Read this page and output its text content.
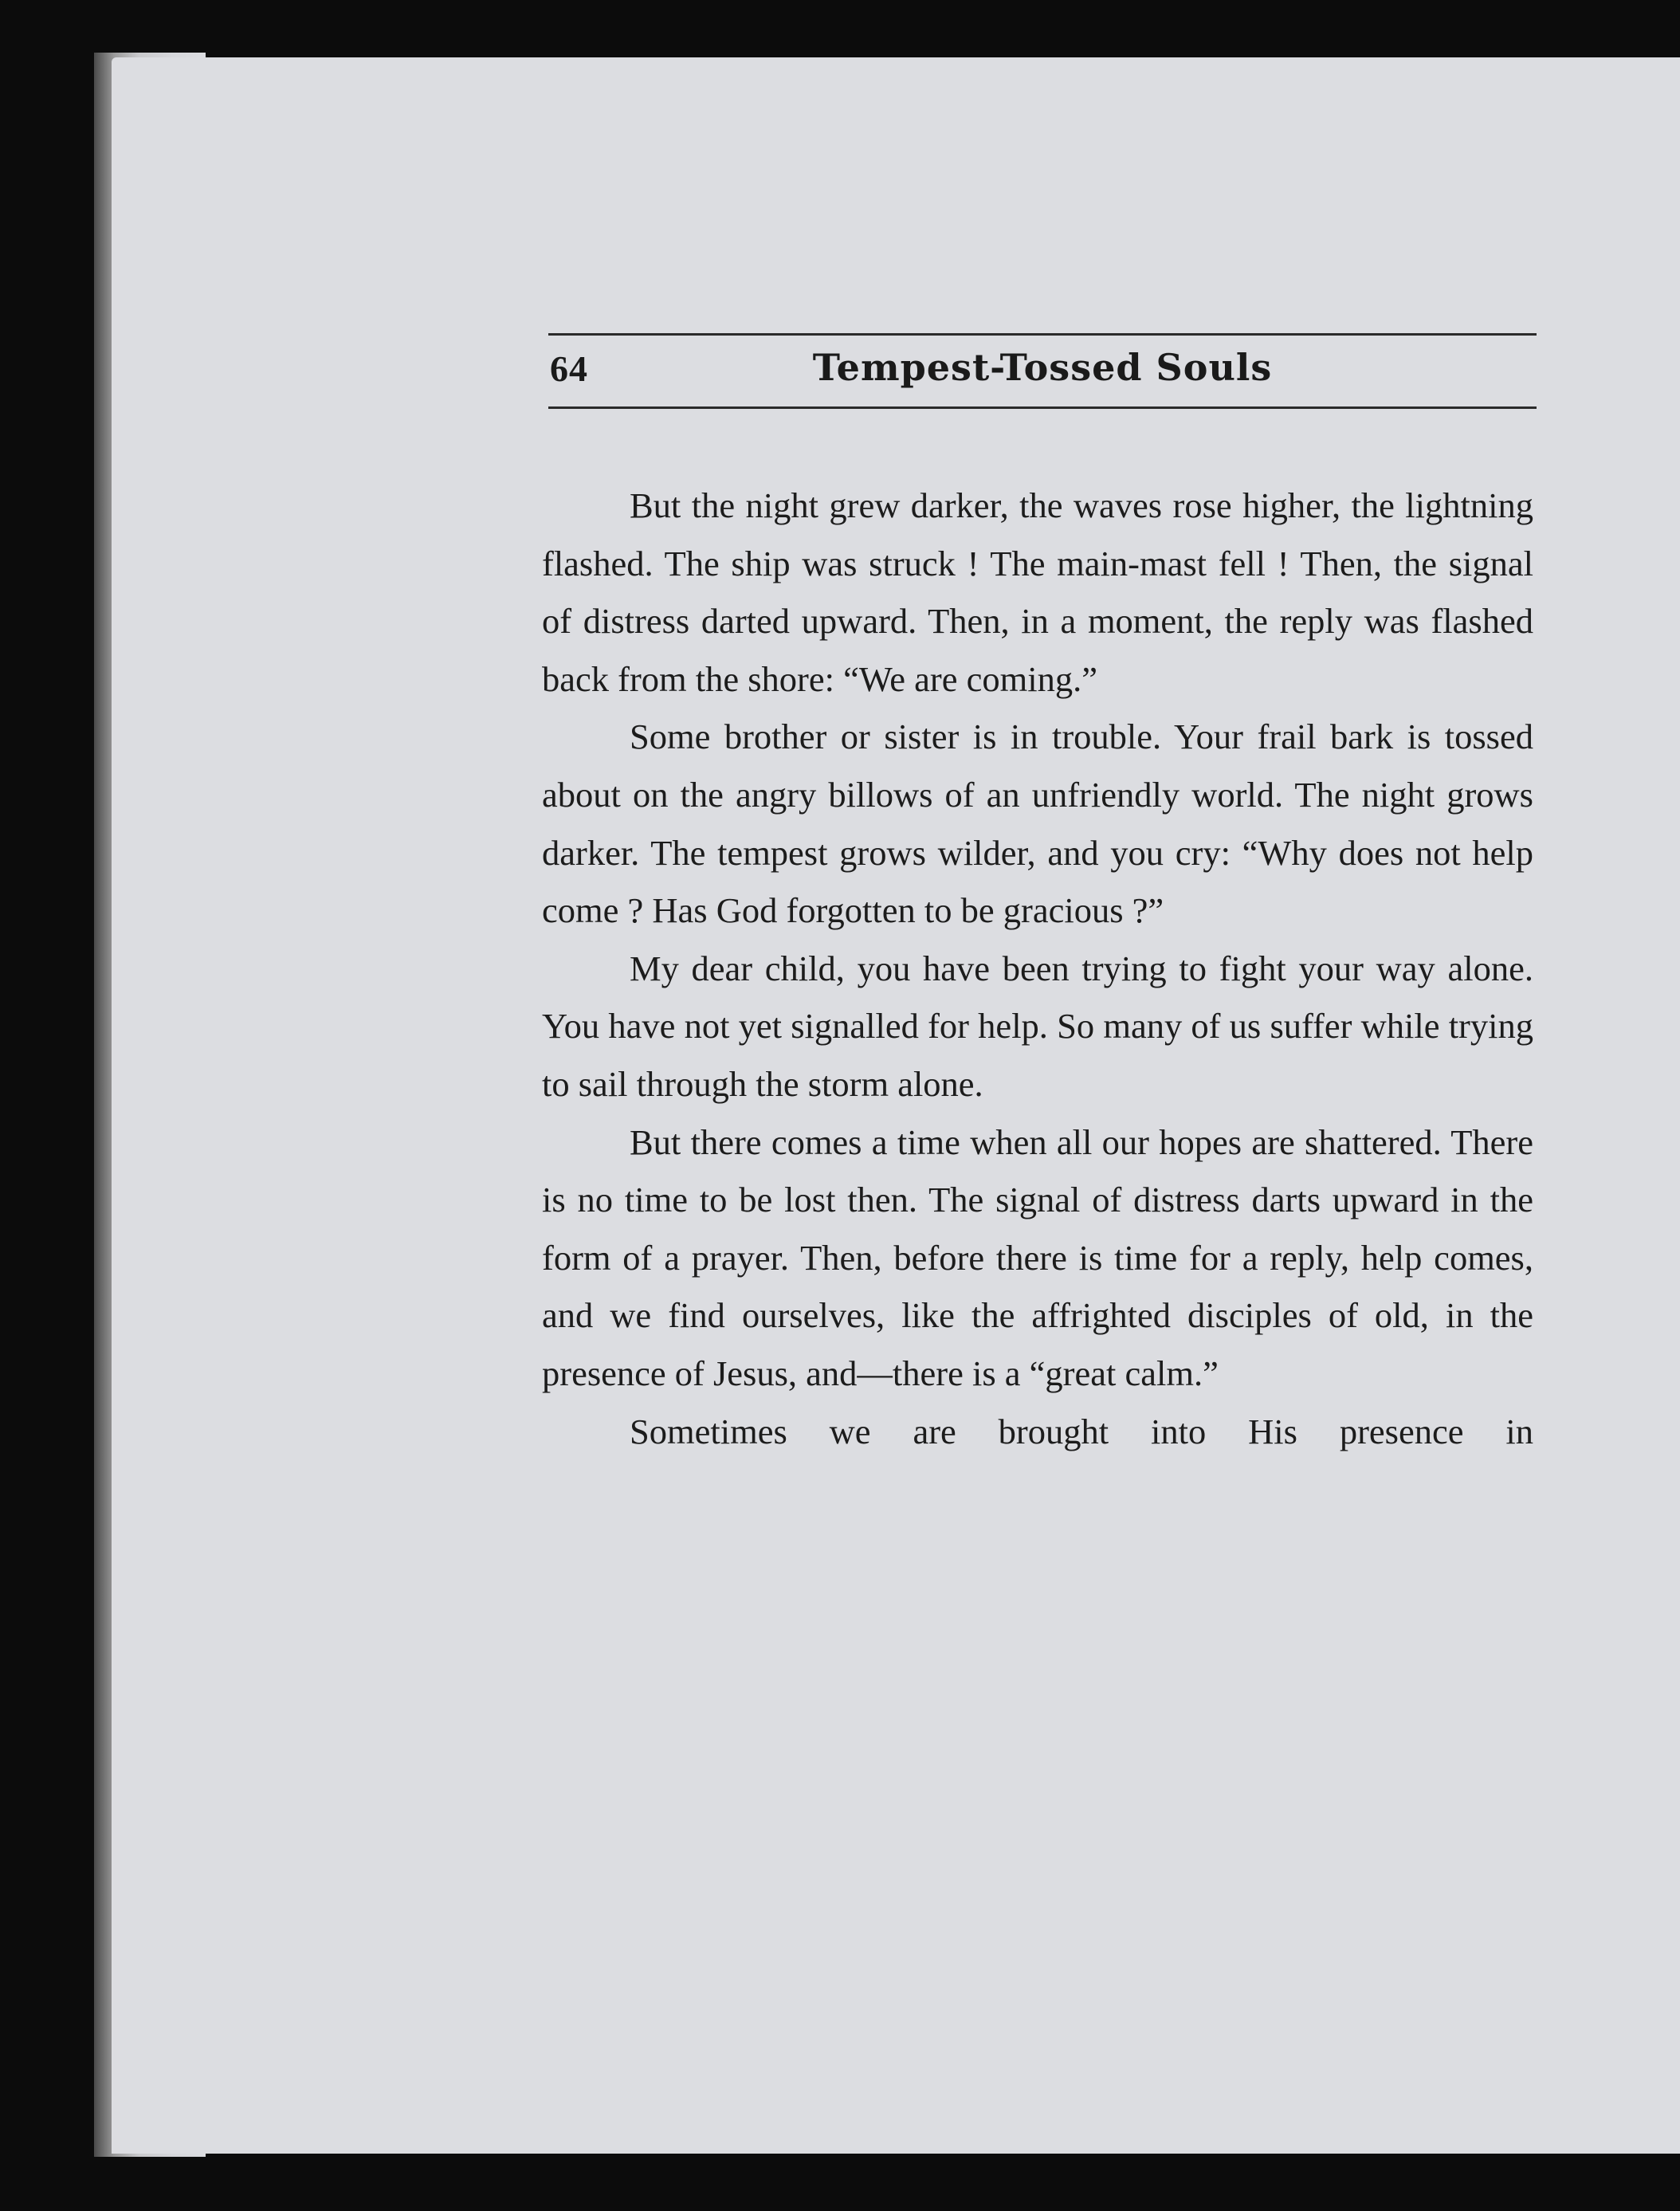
64	Tempest-Tossed Souls

But the night grew darker, the waves rose higher, the lightning flashed. The ship was struck ! The main-mast fell ! Then, the signal of distress darted upward. Then, in a moment, the reply was flashed back from the shore: “We are coming.”

Some brother or sister is in trouble. Your frail bark is tossed about on the angry billows of an unfriendly world. The night grows darker. The tempest grows wilder, and you cry: “Why does not help come ? Has God forgotten to be gracious ?”

My dear child, you have been trying to fight your way alone. You have not yet signalled for help. So many of us suffer while trying to sail through the storm alone.

But there comes a time when all our hopes are shattered. There is no time to be lost then. The signal of distress darts upward in the form of a prayer. Then, before there is time for a reply, help comes, and we find ourselves, like the affrighted disciples of old, in the presence of Jesus, and—there is a “great calm.”

Sometimes we are brought into His presence in
